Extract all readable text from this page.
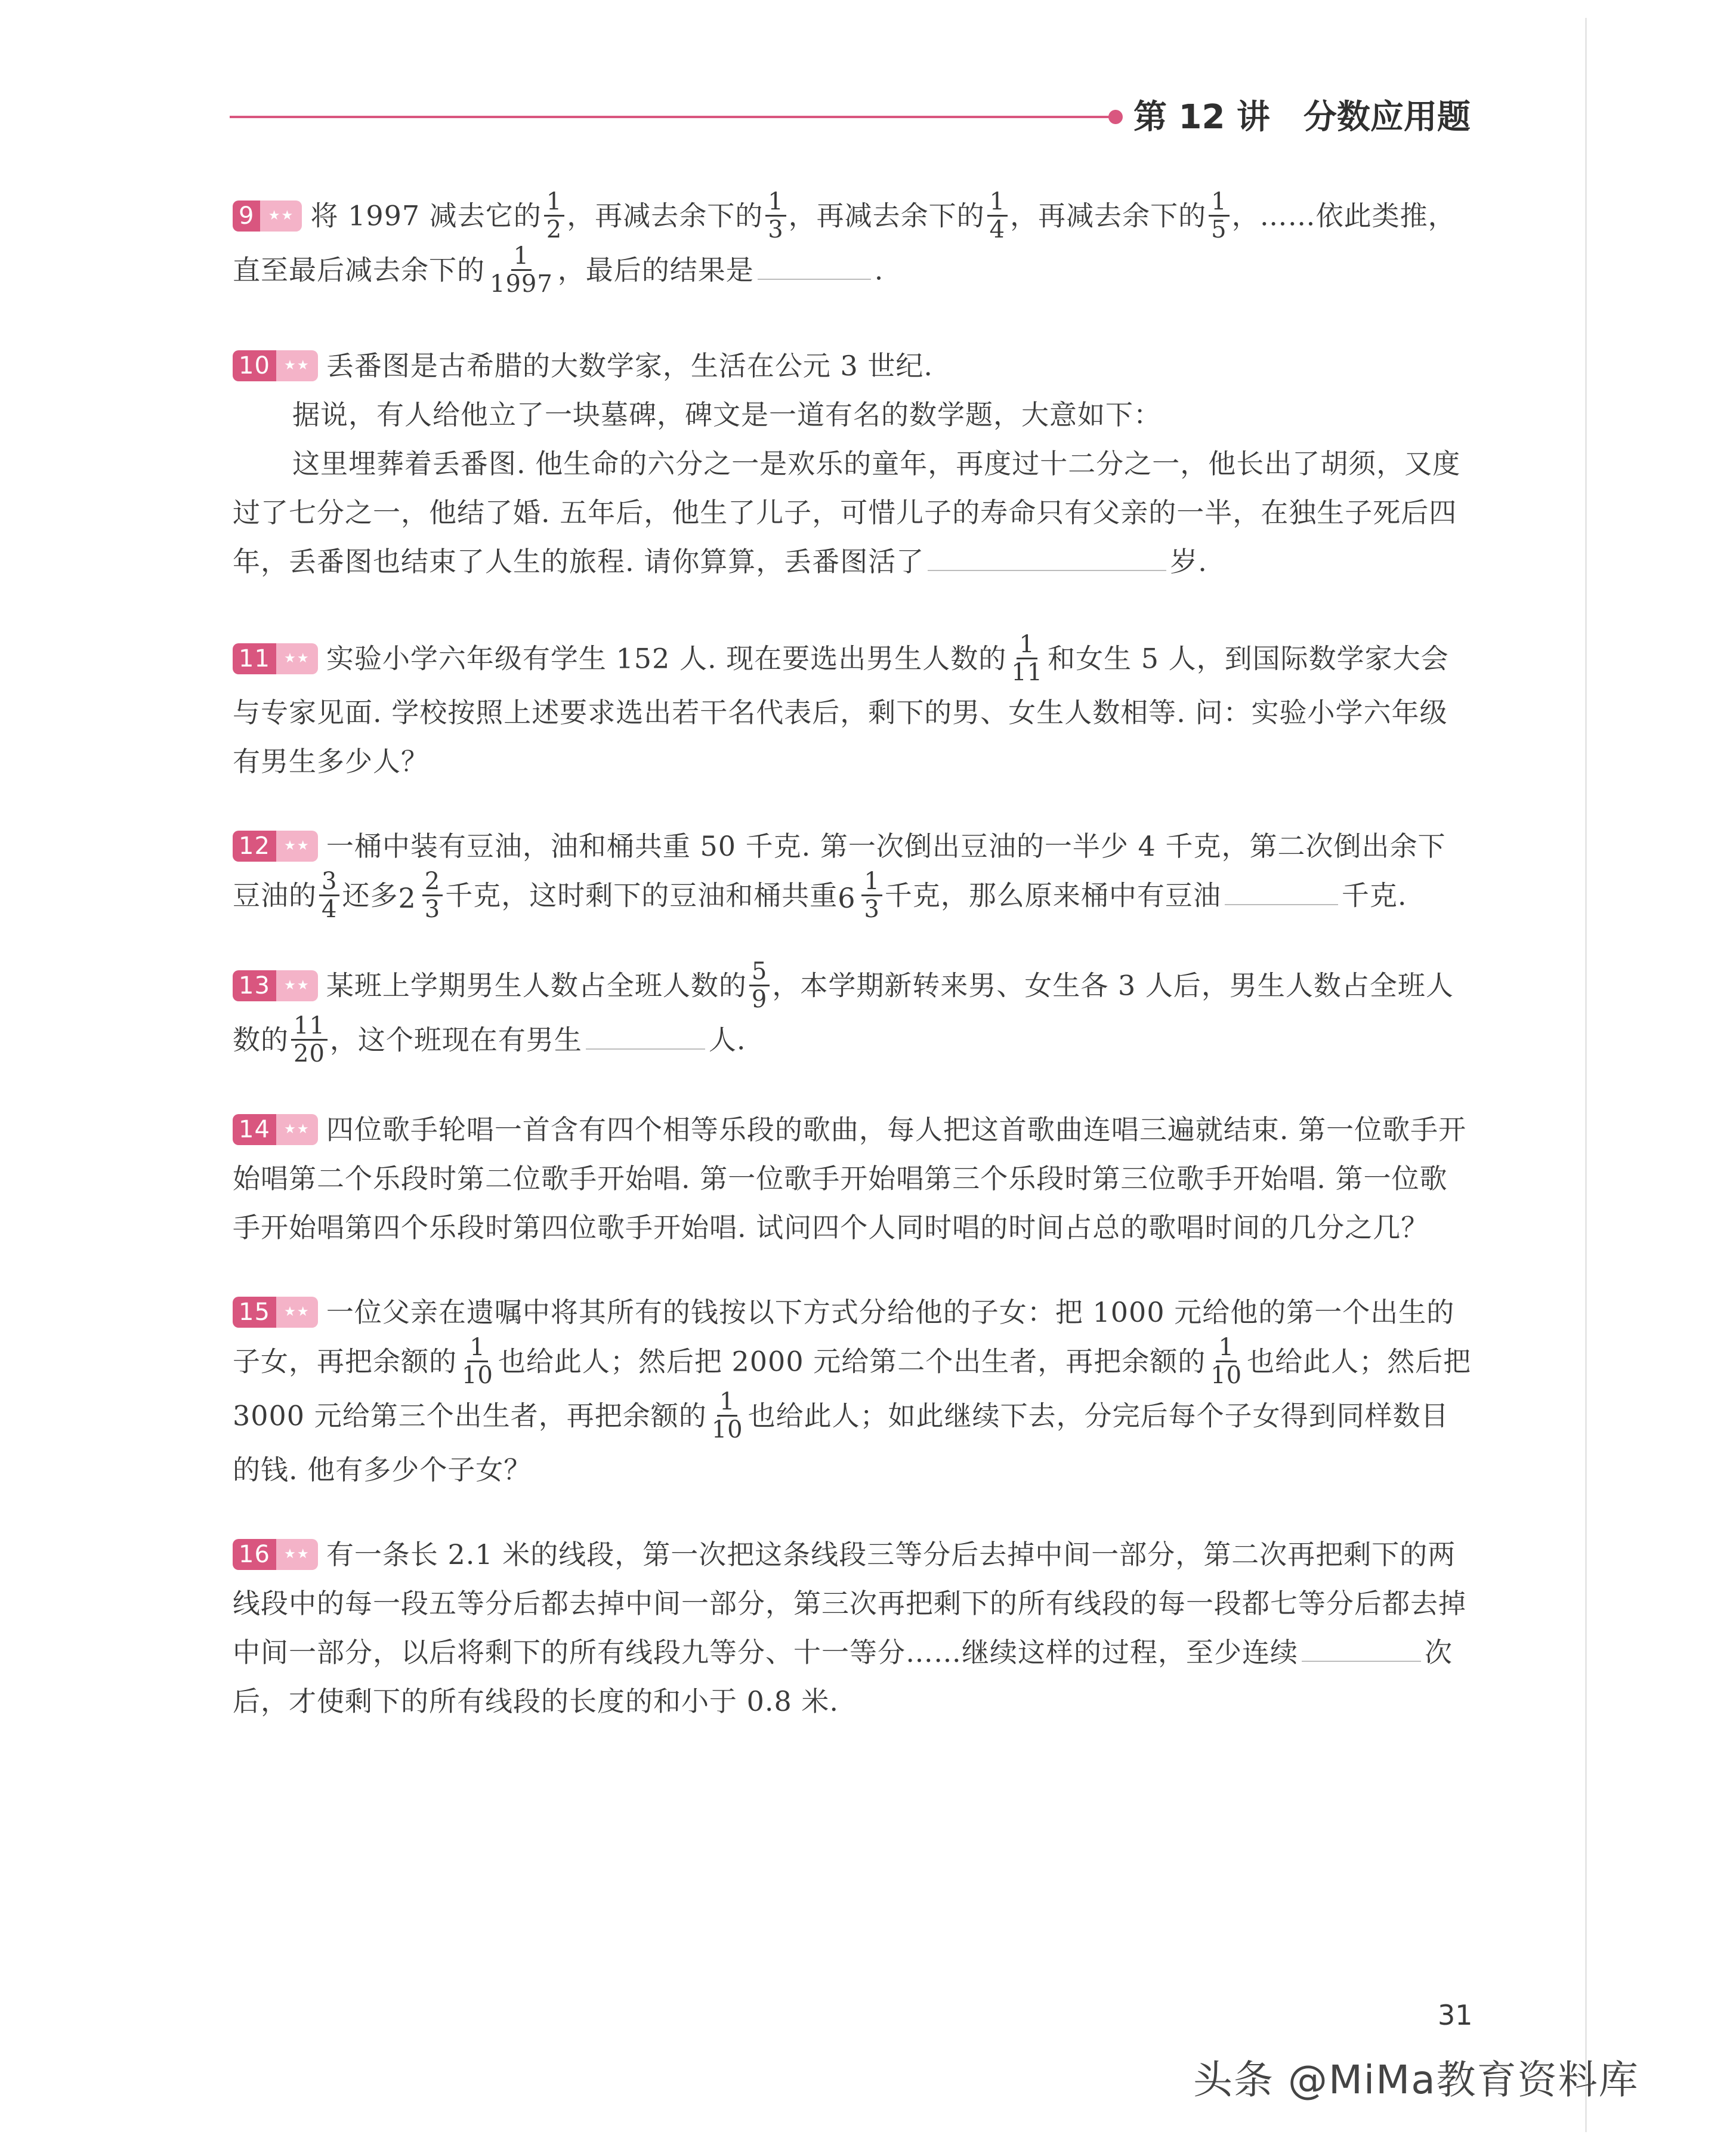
第 12 讲 分数应用题

9	★★ 将 1997 减去它的 $\frac{1}{2}$ ，再减去余下的 $\frac{1}{3}$ ，再减去余下的 $\frac{1}{4}$ ，再减去余下的 $\frac{1}{5}$ ，……依此类推，直至最后减去余下的 $\frac{1}{1997}$ ，最后的结果是	.

10	★★ 丢番图是古希腊的大数学家，生活在公元 3 世纪.

据说，有人给他立了一块墓碑，碑文是一道有名的数学题，大意如下：

这里埋葬着丢番图. 他生命的六分之一是欢乐的童年，再度过十二分之一，他长出了胡须，又度过了七分之一，他结了婚. 五年后，他生了儿子，可惜儿子的寿命只有父亲的一半，在独生子死后四年，丢番图也结束了人生的旅程. 请你算算，丢番图活了	岁.

11	★★ 实验小学六年级有学生 152 人. 现在要选出男生人数的 $\frac{1}{11}$ 和女生 5 人，到国际数学家大会与专家见面. 学校按照上述要求选出若干名代表后，剩下的男、女生人数相等. 问：实验小学六年级有男生多少人？

12	★★ 一桶中装有豆油，油和桶共重 50 千克. 第一次倒出豆油的一半少 4 千克，第二次倒出余下豆油的 $\frac{3}{4}$ 还多 $2 \frac{2}{3}$ 千克，这时剩下的豆油和桶共重 $6 \frac{1}{3}$ 千克，那么原来桶中有豆油	千克.

13	★★ 某班上学期男生人数占全班人数的 $\frac{5}{9}$ ，本学期新转来男、女生各 3 人后，男生人数占全班人数的 $\frac{11}{20}$ ，这个班现在有男生	人.

14	★★ 四位歌手轮唱一首含有四个相等乐段的歌曲，每人把这首歌曲连唱三遍就结束. 第一位歌手开始唱第二个乐段时第二位歌手开始唱. 第一位歌手开始唱第三个乐段时第三位歌手开始唱. 第一位歌手开始唱第四个乐段时第四位歌手开始唱. 试问四个人同时唱的时间占总的歌唱时间的几分之几？

15	★★ 一位父亲在遗嘱中将其所有的钱按以下方式分给他的子女：把 1000 元给他的第一个出生的子女，再把余额的 $\frac{1}{10}$ 也给此人；然后把 2000 元给第二个出生者，再把余额的 $\frac{1}{10}$ 也给此人；然后把 3000 元给第三个出生者，再把余额的 $\frac{1}{10}$ 也给此人；如此继续下去，分完后每个子女得到同样数目的钱. 他有多少个子女？

16	★★ 有一条长 2.1 米的线段，第一次把这条线段三等分后去掉中间一部分，第二次再把剩下的两线段中的每一段五等分后都去掉中间一部分，第三次再把剩下的所有线段的每一段都七等分后都去掉中间一部分，以后将剩下的所有线段九等分、十一等分……继续这样的过程，至少连续	次后，才使剩下的所有线段的长度的和小于 0.8 米.

31
头条 @MiMa教育资料库
